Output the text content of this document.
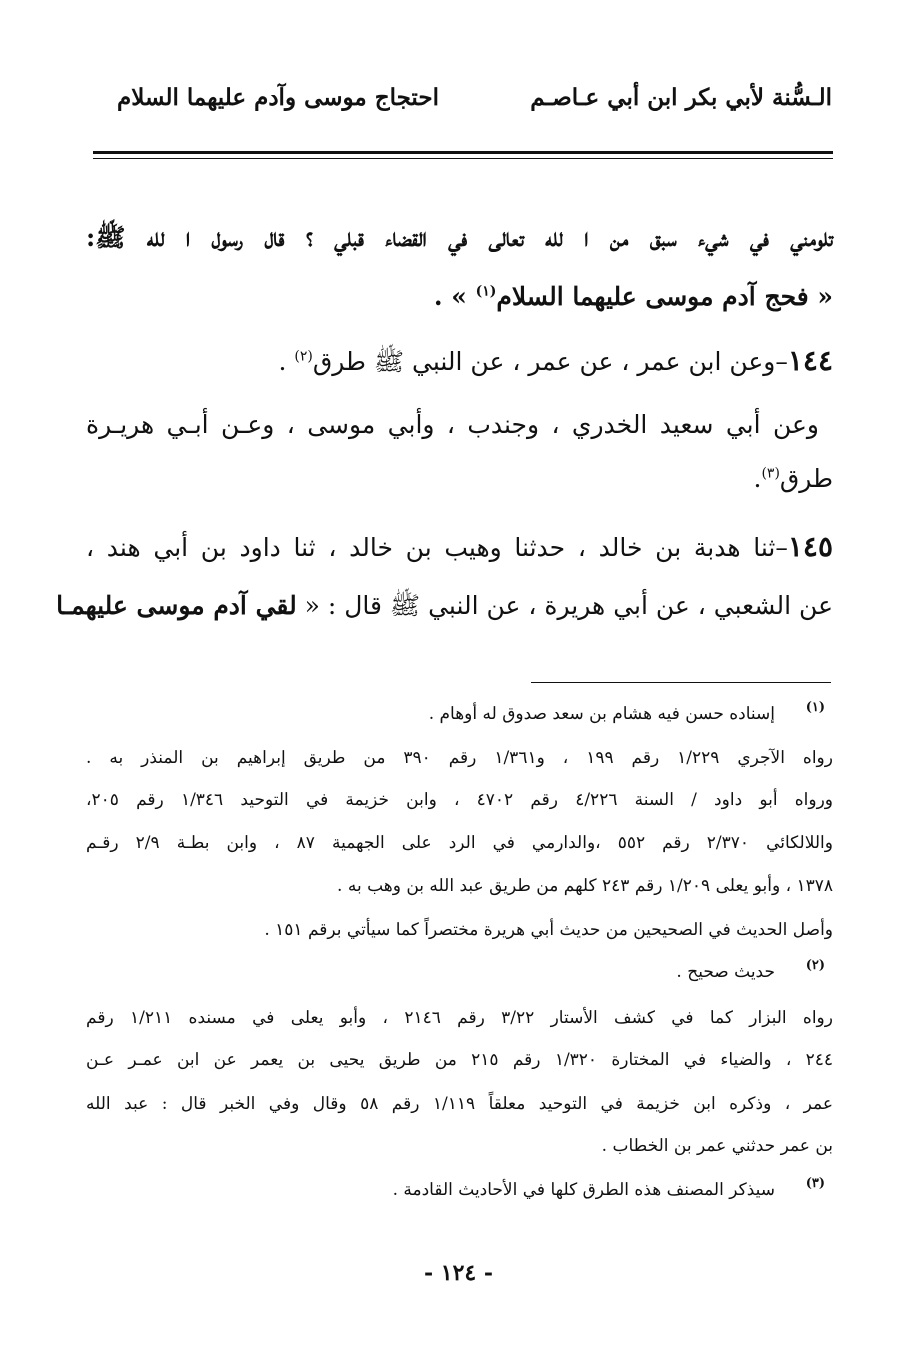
الـسُّنة لأبي بكر ابن أبي عـاصـم
احتجاج موسى وآدم عليهما السلام
تلومني في شيء سبق من ا لله تعالى في القضاء قبلي ؟ قال رسول ا لله ﷺ:
« فحج آدم موسى عليهما السلام$^{(١)}$ » .
١٤٤–وعن ابن عمر ، عن عمر ، عن النبي ﷺ طرق$^{(٢)}$ .
وعن أبي سعيد الخدري ، وجندب ، وأبي موسى ، وعـن أبـي هريـرة
طرق$^{(٣)}$.
١٤٥–ثنا هدبة بن خالد ، حدثنا وهيب بن خالد ، ثنا داود بن أبي هند ،
عن الشعبي ، عن أبي هريرة ، عن النبي ﷺ قال : « لقي آدم موسى عليهمـا
(١)
إسناده حسن فيه هشام بن سعد صدوق له أوهام .
رواه الآجري ١/٢٢٩ رقم ١٩٩ ، و١/٣٦١ رقم ٣٩٠ من طريق إبراهيم بن المنذر به .
ورواه أبو داود / السنة ٤/٢٢٦ رقم ٤٧٠٢ ، وابن خزيمة في التوحيد ١/٣٤٦ رقم ٢٠٥،
واللالكائي ٢/٣٧٠ رقم ٥٥٢ ،والدارمي في الرد على الجهمية ٨٧ ، وابن بطـة ٢/٩ رقـم
١٣٧٨ ، وأبو يعلى ١/٢٠٩ رقم ٢٤٣ كلهم من طريق عبد الله بن وهب به .
وأصل الحديث في الصحيحين من حديث أبي هريرة مختصراً كما سيأتي برقم ١٥١ .
(٢)
حديث صحيح .
رواه البزار كما في كشف الأستار ٣/٢٢ رقم ٢١٤٦ ، وأبو يعلى في مسنده ١/٢١١ رقم
٢٤٤ ، والضياء في المختارة ١/٣٢٠ رقم ٢١٥ من طريق يحيى بن يعمر عن ابن عمـر عـن
عمر ، وذكره ابن خزيمة في التوحيد معلقاً ١/١١٩ رقم ٥٨ وقال وفي الخبر قال : عبد الله
بن عمر حدثني عمر بن الخطاب .
(٣)
سيذكر المصنف هذه الطرق كلها في الأحاديث القادمة .
- ١٢٤ -
